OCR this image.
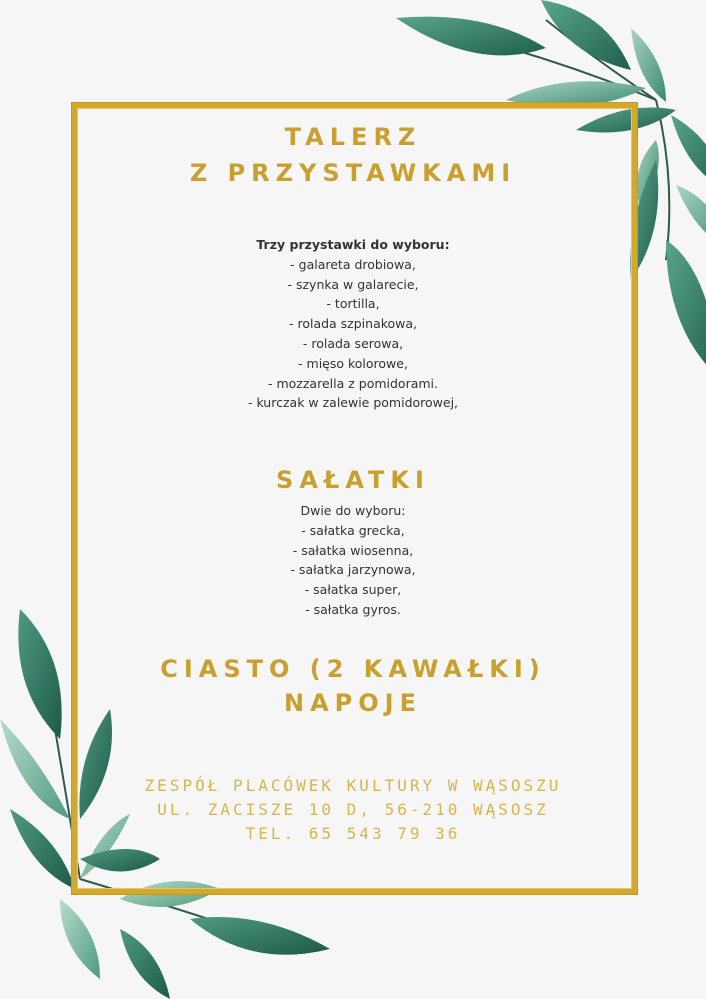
TALERZ
Z PRZYSTAWKAMI
Trzy przystawki do wyboru:
- galareta drobiowa,
- szynka w galarecie,
- tortilla,
- rolada szpinakowa,
- rolada serowa,
- mięso kolorowe,
- mozzarella z pomidorami.
- kurczak w zalewie pomidorowej,
SAŁATKI
Dwie do wyboru:
- sałatka grecka,
- sałatka wiosenna,
- sałatka jarzynowa,
- sałatka super,
- sałatka gyros.
CIASTO (2 KAWAŁKI)
NAPOJE
ZESPÓŁ PLACÓWEK KULTURY W WĄSOSZU
UL. ZACISZE 10 D, 56-210 WĄSOSZ
TEL. 65 543 79 36
